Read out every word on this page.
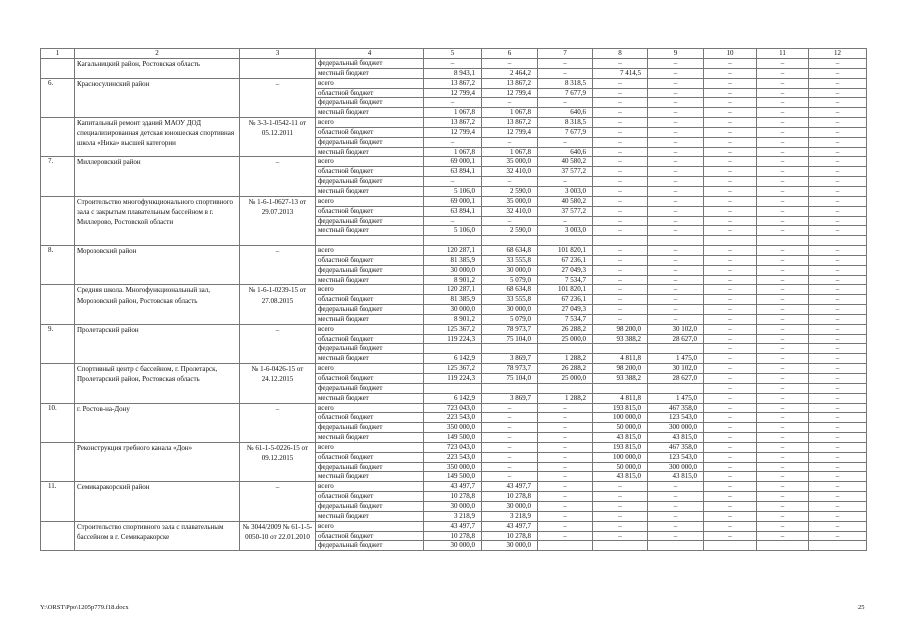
1	2	3	4	5	6	7	8	9	10	11	12
	Кагальницкий район, Ростовская область		федеральный бюджет	–	–	–	–	–	–	–	–
			местный бюджет	8 943,1	2 464,2	–	7 414,5	–	–	–	–
6.	Красносулинский район	–	всего	13 867,2	13 867,2	8 318,5	–	–	–	–	–
			областной бюджет	12 799,4	12 799,4	7 677,9	–	–	–	–	–
			федеральный бюджет	–	–	–	–	–	–	–	–
			местный бюджет	1 067,8	1 067,8	640,6	–	–	–	–	–
	Капитальный ремонт зданий МАОУ ДОД специализированная детская юношеская спортивная школа «Ника» высшей категории	№ 3-3-1-0542-11 от 05.12.2011	всего	13 867,2	13 867,2	8 318,5	–	–	–	–	–
			областной бюджет	12 799,4	12 799,4	7 677,9	–	–	–	–	–
			федеральный бюджет	–	–	–	–	–	–	–	–
			местный бюджет	1 067,8	1 067,8	640,6	–	–	–	–	–
7.	Миллеровский район	–	всего	69 000,1	35 000,0	40 580,2	–	–	–	–	–
			областной бюджет	63 894,1	32 410,0	37 577,2	–	–	–	–	–
			федеральный бюджет	–	–	–	–	–	–	–	–
			местный бюджет	5 106,0	2 590,0	3 003,0	–	–	–	–	–
	Строительство многофункционального спортивного зала с закрытым плавательным бассейном в г. Миллерово, Ростовской области	№ 1-6-1-0627-13 от 29.07.2013	всего	69 000,1	35 000,0	40 580,2	–	–	–	–	–
			областной бюджет	63 894,1	32 410,0	37 577,2	–	–	–	–	–
			федеральный бюджет	–	–	–	–	–	–	–	–
			местный бюджет	5 106,0	2 590,0	3 003,0	–	–	–	–	–

8.	Морозовский район	–	всего	120 287,1	68 634,8	101 820,1	–	–	–	–	–
			областной бюджет	81 385,9	33 555,8	67 236,1	–	–	–	–	–
			федеральный бюджет	30 000,0	30 000,0	27 049,3	–	–	–	–	–
			местный бюджет	8 901,2	5 079,0	7 534,7	–	–	–	–	–
	Средняя школа. Многофункциональный зал, Морозовский район, Ростовская область	№ 1-6-1-0239-15 от 27.08.2015	всего	120 287,1	68 634,8	101 820,1	–	–	–	–	–
			областной бюджет	81 385,9	33 555,8	67 236,1	–	–	–	–	–
			федеральный бюджет	30 000,0	30 000,0	27 049,3	–	–	–	–	–
			местный бюджет	8 901,2	5 079,0	7 534,7	–	–	–	–	–
9.	Пролетарский район	–	всего	125 367,2	78 973,7	26 288,2	98 200,0	30 102,0	–	–	–
			областной бюджет	119 224,3	75 104,0	25 000,0	93 388,2	28 627,0	–	–	–
			федеральный бюджет						–	–	–
			местный бюджет	6 142,9	3 869,7	1 288,2	4 811,8	1 475,0	–	–	–
	Спортивный центр с бассейном, г. Пролетарск, Пролетарский район, Ростовская область	№ 1-6-0426-15 от 24.12.2015	всего	125 367,2	78 973,7	26 288,2	98 200,0	30 102,0	–	–	–
			областной бюджет	119 224,3	75 104,0	25 000,0	93 388,2	28 627,0	–	–	–
			федеральный бюджет						–	–	–
			местный бюджет	6 142,9	3 869,7	1 288,2	4 811,8	1 475,0	–	–	–
10.	г. Ростов-на-Дону	–	всего	723 043,0	–	–	193 815,0	467 358,0	–	–	–
			областной бюджет	223 543,0	–	–	100 000,0	123 543,0	–	–	–
			федеральный бюджет	350 000,0	–	–	50 000,0	300 000,0	–	–	–
			местный бюджет	149 500,0	–	–	43 815,0	43 815,0	–	–	–
	Реконструкция гребного канала «Дон»	№ 61-1-5-0226-15 от 09.12.2015	всего	723 043,0	–	–	193 815,0	467 358,0	–	–	–
			областной бюджет	223 543,0	–	–	100 000,0	123 543,0	–	–	–
			федеральный бюджет	350 000,0	–	–	50 000,0	300 000,0	–	–	–
			местный бюджет	149 500,0	–	–	43 815,0	43 815,0	–	–	–
11.	Семикаракорский район	–	всего	43 497,7	43 497,7	–	–	–	–	–	–
			областной бюджет	10 278,8	10 278,8	–	–	–	–	–	–
			федеральный бюджет	30 000,0	30 000,0	–	–	–	–	–	–
			местный бюджет	3 218,9	3 218,9	–	–	–	–	–	–
	Строительство спортивного зала с плавательным бассейном в г. Семикаракорске	№ 3044/2009 № 61-1-5-0050-10 от 22.01.2010	всего	43 497,7	43 497,7	–	–	–	–	–	–
			областной бюджет	10 278,8	10 278,8	–	–	–	–	–	–
			федеральный бюджет	30 000,0	30 000,0						
Y:\ORST\Ppo\1205p779.f18.docx	25
